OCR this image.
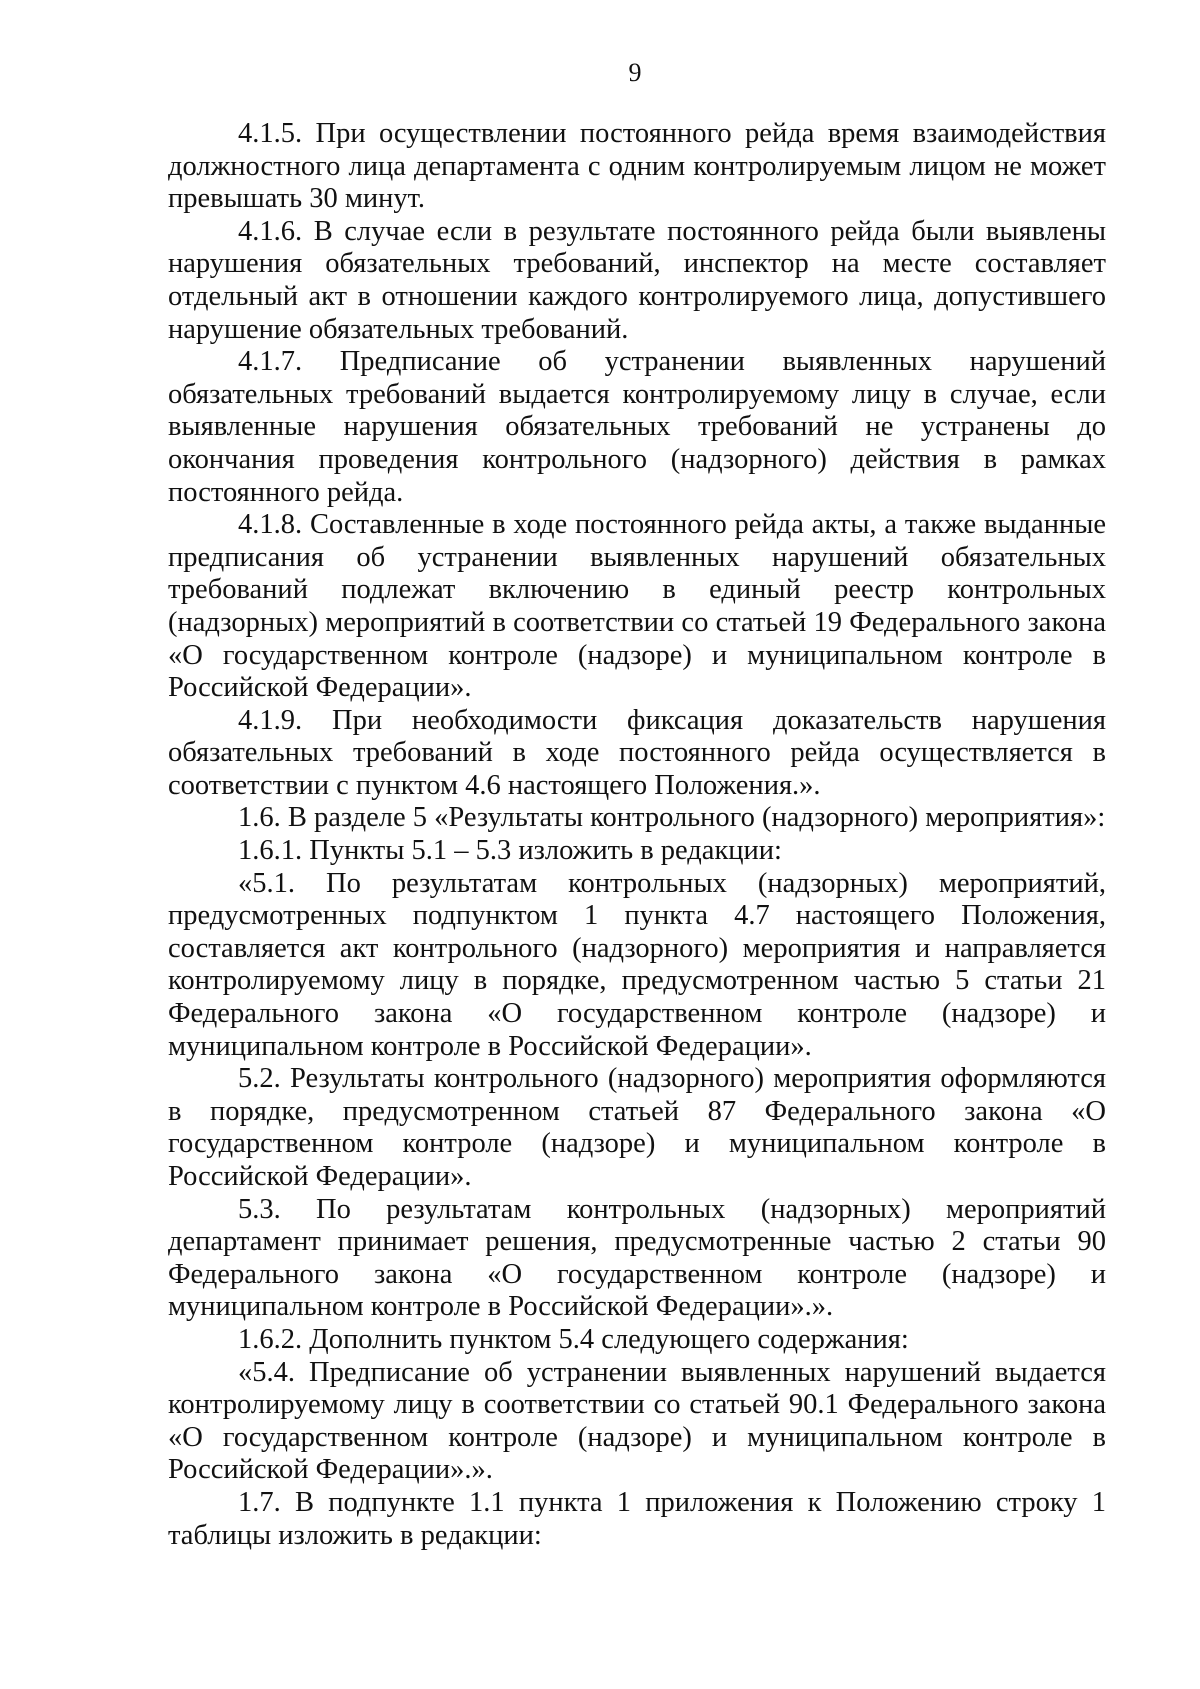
9

4.1.5. При осуществлении постоянного рейда время взаимодействия должностного лица департамента с одним контролируемым лицом не может превышать 30 минут.

4.1.6. В случае если в результате постоянного рейда были выявлены нарушения обязательных требований, инспектор на месте составляет отдельный акт в отношении каждого контролируемого лица, допустившего нарушение обязательных требований.

4.1.7. Предписание об устранении выявленных нарушений обязательных требований выдается контролируемому лицу в случае, если выявленные нарушения обязательных требований не устранены до окончания проведения контрольного (надзорного) действия в рамках постоянного рейда.

4.1.8. Составленные в ходе постоянного рейда акты, а также выданные предписания об устранении выявленных нарушений обязательных требований подлежат включению в единый реестр контрольных (надзорных) мероприятий в соответствии со статьей 19 Федерального закона «О государственном контроле (надзоре) и муниципальном контроле в Российской Федерации».

4.1.9. При необходимости фиксация доказательств нарушения обязательных требований в ходе постоянного рейда осуществляется в соответствии с пунктом 4.6 настоящего Положения.».

1.6. В разделе 5 «Результаты контрольного (надзорного) мероприятия»:

1.6.1. Пункты 5.1 – 5.3 изложить в редакции:

«5.1. По результатам контрольных (надзорных) мероприятий, предусмотренных подпунктом 1 пункта 4.7 настоящего Положения, составляется акт контрольного (надзорного) мероприятия и направляется контролируемому лицу в порядке, предусмотренном частью 5 статьи 21 Федерального закона «О государственном контроле (надзоре) и муниципальном контроле в Российской Федерации».

5.2. Результаты контрольного (надзорного) мероприятия оформляются в порядке, предусмотренном статьей 87 Федерального закона «О государственном контроле (надзоре) и муниципальном контроле в Российской Федерации».

5.3. По результатам контрольных (надзорных) мероприятий департамент принимает решения, предусмотренные частью 2 статьи 90 Федерального закона «О государственном контроле (надзоре) и муниципальном контроле в Российской Федерации».».

1.6.2. Дополнить пунктом 5.4 следующего содержания:

«5.4. Предписание об устранении выявленных нарушений выдается контролируемому лицу в соответствии со статьей 90.1 Федерального закона «О государственном контроле (надзоре) и муниципальном контроле в Российской Федерации».».

1.7. В подпункте 1.1 пункта 1 приложения к Положению строку 1 таблицы изложить в редакции:
